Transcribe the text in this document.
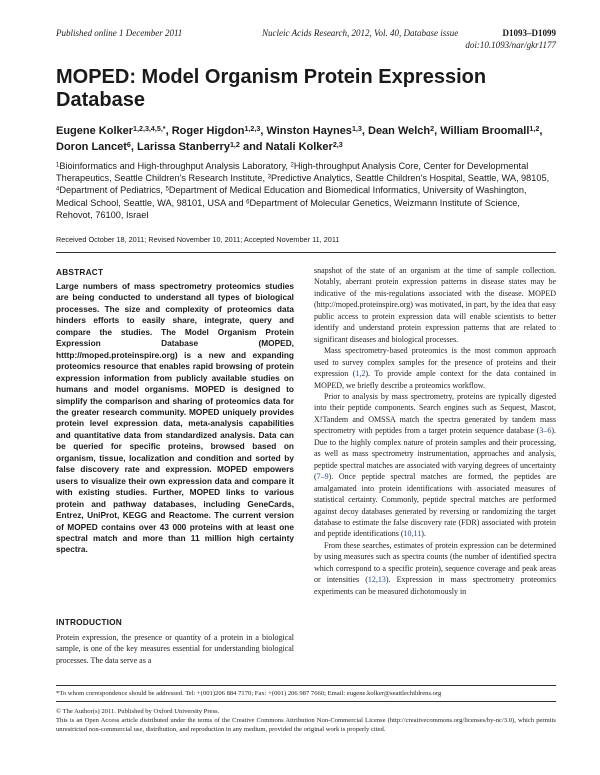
Published online 1 December 2011	Nucleic Acids Research, 2012, Vol. 40, Database issue	D1093–D1099
doi:10.1093/nar/gkr1177
MOPED: Model Organism Protein Expression Database
Eugene Kolker$^{1,2,3,4,5,*}$, Roger Higdon$^{1,2,3}$, Winston Haynes$^{1,3}$, Dean Welch$^2$, William Broomall$^{1,2}$, Doron Lancet$^6$, Larissa Stanberry$^{1,2}$ and Natali Kolker$^{2,3}$
$^1$Bioinformatics and High-throughput Analysis Laboratory, $^2$High-throughput Analysis Core, Center for Developmental Therapeutics, Seattle Children's Research Institute, $^3$Predictive Analytics, Seattle Children's Hospital, Seattle, WA, 98105, $^4$Department of Pediatrics, $^5$Department of Medical Education and Biomedical Informatics, University of Washington, Medical School, Seattle, WA, 98101, USA and $^6$Department of Molecular Genetics, Weizmann Institute of Science, Rehovot, 76100, Israel
Received October 18, 2011; Revised November 10, 2011; Accepted November 11, 2011
ABSTRACT
Large numbers of mass spectrometry proteomics studies are being conducted to understand all types of biological processes. The size and complexity of proteomics data hinders efforts to easily share, integrate, query and compare the studies. The Model Organism Protein Expression Database (MOPED, htttp://moped.proteinspire.org) is a new and expanding proteomics resource that enables rapid browsing of protein expression information from publicly available studies on humans and model organisms. MOPED is designed to simplify the comparison and sharing of proteomics data for the greater research community. MOPED uniquely provides protein level expression data, meta-analysis capabilities and quantitative data from standardized analysis. Data can be queried for specific proteins, browsed based on organism, tissue, localization and condition and sorted by false discovery rate and expression. MOPED empowers users to visualize their own expression data and compare it with existing studies. Further, MOPED links to various protein and pathway databases, including GeneCards, Entrez, UniProt, KEGG and Reactome. The current version of MOPED contains over 43 000 proteins with at least one spectral match and more than 11 million high certainty spectra.
INTRODUCTION

Protein expression, the presence or quantity of a protein in a biological sample, is one of the key measures essential for understanding biological processes. The data serve as a

snapshot of the state of an organism at the time of sample collection. Notably, aberrant protein expression patterns in disease states may be indicative of the mis-regulations associated with the disease. MOPED (http://moped.proteinspire.org) was motivated, in part, by the idea that easy public access to protein expression data will enable scientists to better identify and understand protein expression patterns that are related to significant diseases and biological processes.

Mass spectrometry-based proteomics is the most common approach used to survey complex samples for the presence of proteins and their expression (1,2). To provide ample context for the data contained in MOPED, we briefly describe a proteomics workflow.

Prior to analysis by mass spectrometry, proteins are typically digested into their peptide components. Search engines such as Sequest, Mascot, X!Tandem and OMSSA match the spectra generated by tandem mass spectrometry with peptides from a target protein sequence database (3–6). Due to the highly complex nature of protein samples and their processing, as well as mass spectrometry instrumentation, approaches and analysis, peptide spectral matches are associated with varying degrees of uncertainty (7–9). Once peptide spectral matches are formed, the peptides are amalgamated into protein identifications with associated measures of statistical certainty. Commonly, peptide spectral matches are performed against decoy databases generated by reversing or randomizing the target database to estimate the false discovery rate (FDR) associated with protein and peptide identifications (10,11).

From these searches, estimates of protein expression can be determined by using measures such as spectra counts (the number of identified spectra which correspond to a specific protein), sequence coverage and peak areas or intensities (12,13). Expression in mass spectrometry proteomics experiments can be measured dichotomously in

*To whom correspondence should be addressed. Tel: +(001)206 884 7170; Fax: +(001) 206 987 7660; Email: eugene.kolker@seattlechildrens.org
© The Author(s) 2011. Published by Oxford University Press.
This is an Open Access article distributed under the terms of the Creative Commons Attribution Non-Commercial License (http://creativecommons.org/licenses/by-nc/3.0), which permits unrestricted non-commercial use, distribution, and reproduction in any medium, provided the original work is properly cited.
